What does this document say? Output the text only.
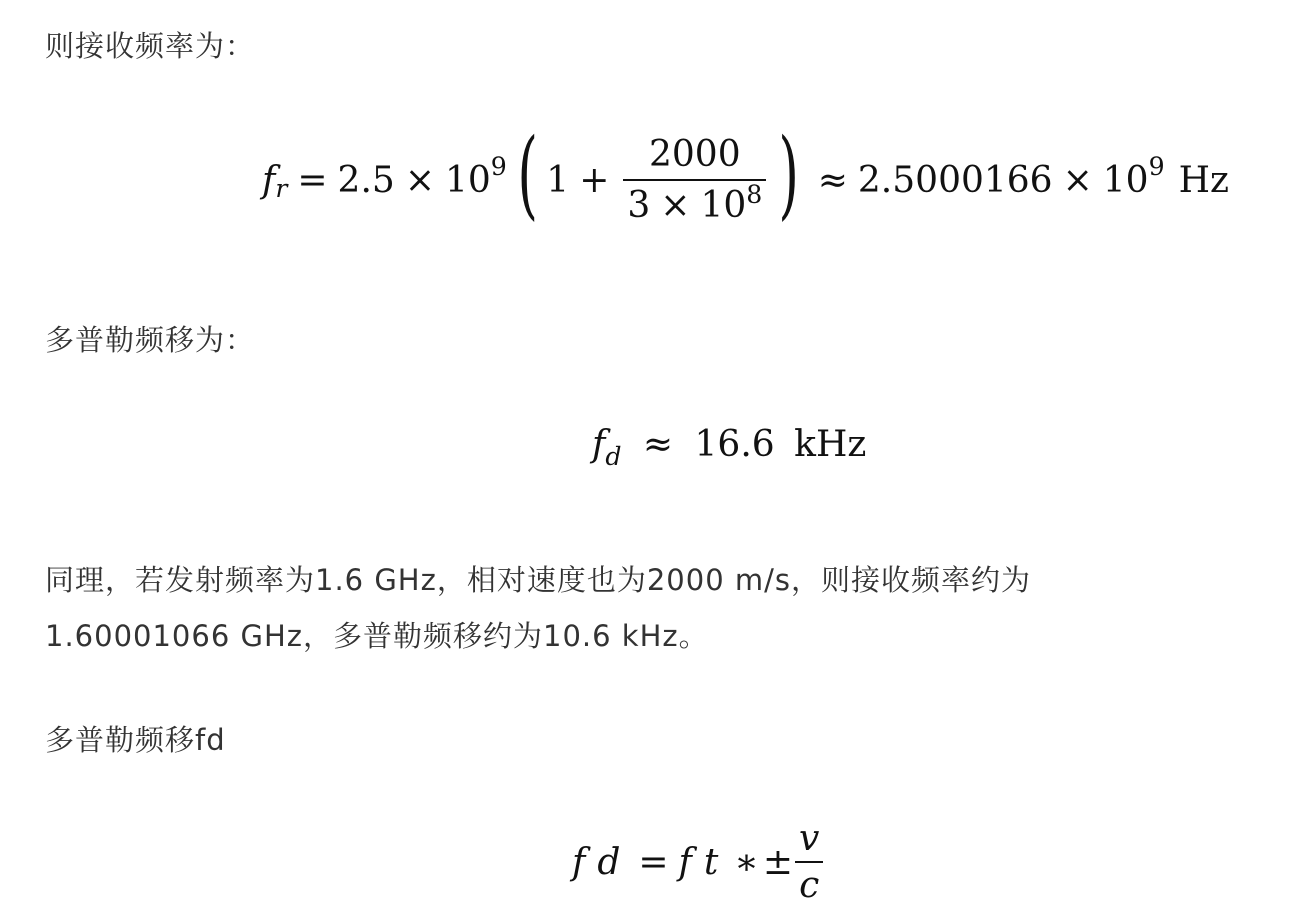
则接收频率为：
f r = 2.5 × 10 9 ( $1 + \frac{2000}{3 \times 10^8}$ ) ≈ 2.5000166 × 10 9 Hz
多普勒频移为：
$f_d \approx 16.6$ kHz
同理，若发射频率为1.6 GHz，相对速度也为2000 m/s，则接收频率约为
1.60001066 GHz，多普勒频移约为10.6 kHz。
多普勒频移fd
f d = f t ∗ ± $\frac{v}{c}$
